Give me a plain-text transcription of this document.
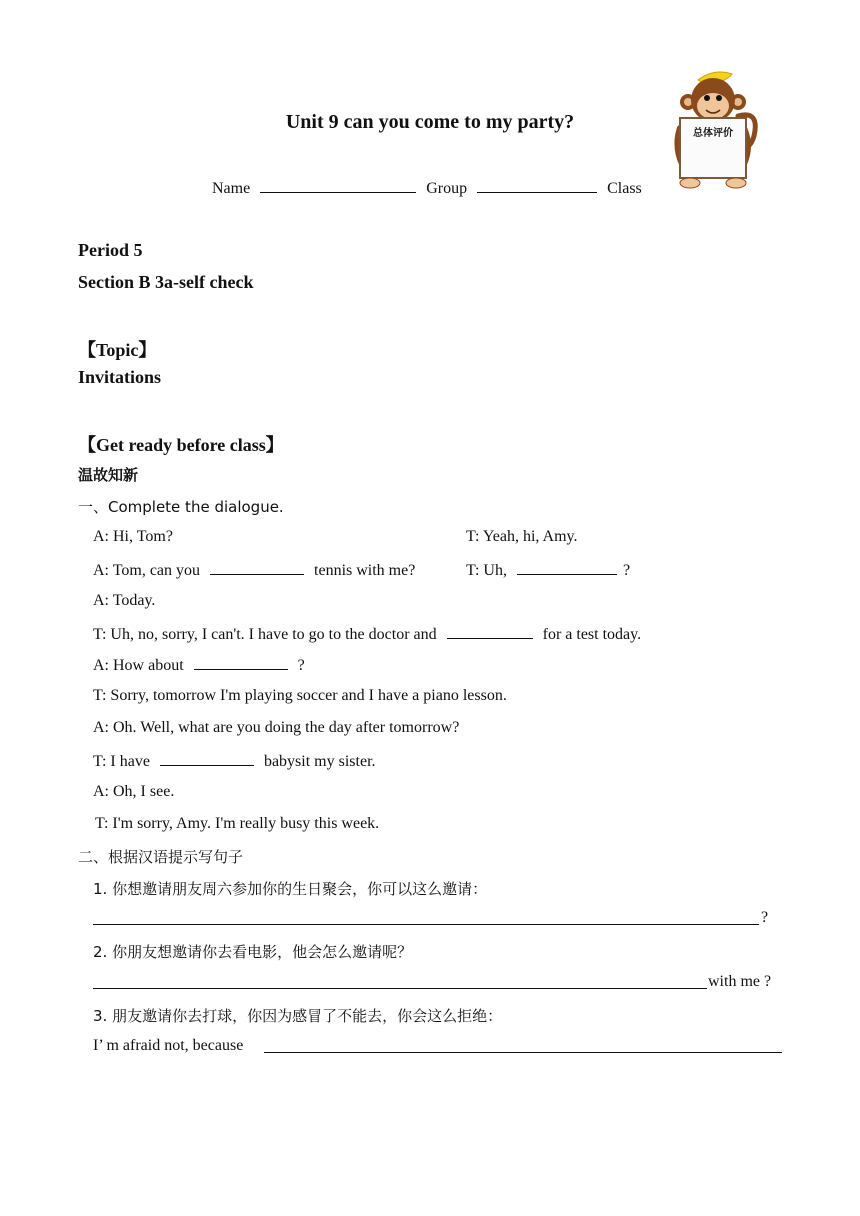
Unit 9 can you come to my party?
Name	Group	Class
总体评价
Period 5
Section B 3a-self check
【Topic】
Invitations
【Get ready before class】
温故知新
一、Complete the dialogue.
A: Hi, Tom?	T: Yeah, hi, Amy.
A: Tom, can you	tennis with me?	T: Uh,	?
A: Today.
T: Uh, no, sorry, I can't. I have to go to the doctor and	for a test today.
A: How about	?
T: Sorry, tomorrow I'm playing soccer and I have a piano lesson.
A: Oh. Well, what are you doing the day after tomorrow?
T: I have	babysit my sister.
A: Oh, I see.
T: I'm sorry, Amy. I'm really busy this week.
二、根据汉语提示写句子
1. 你想邀请朋友周六参加你的生日聚会，你可以这么邀请：
?
2. 你朋友想邀请你去看电影，他会怎么邀请呢？
with me ?
3. 朋友邀请你去打球，你因为感冒了不能去，你会这么拒绝：
I’ m afraid not, because
